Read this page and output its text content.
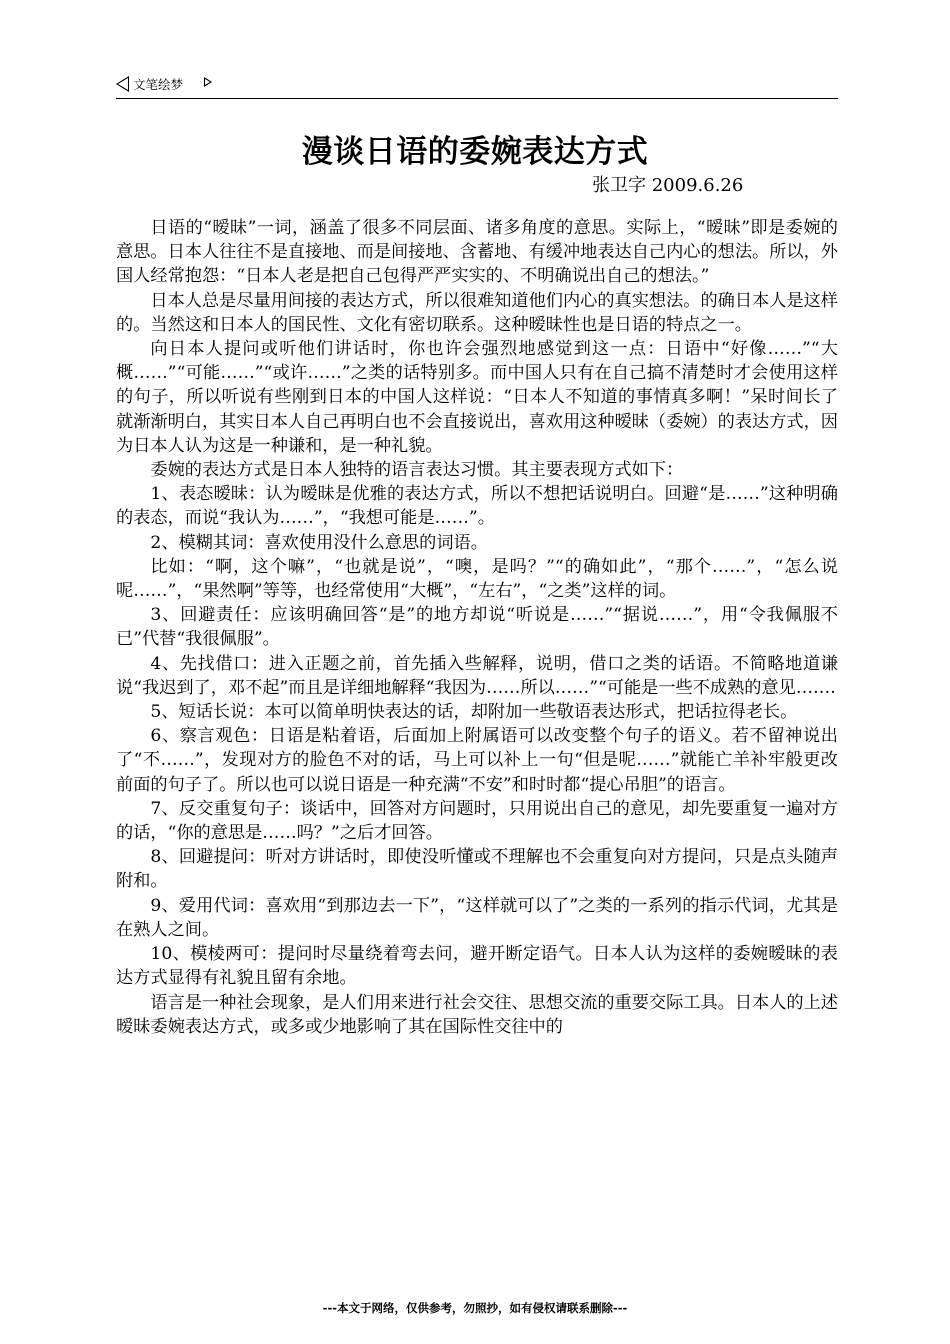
文笔绘梦
漫谈日语的委婉表达方式
张卫字 2009.6.26

日语的“暧昧”一词，涵盖了很多不同层面、诸多角度的意思。实际上，“暧昧”即是委婉的意思。日本人往往不是直接地、而是间接地、含蓄地、有缓冲地表达自己内心的想法。所以，外国人经常抱怨：“日本人老是把自己包得严严实实的、不明确说出自己的想法。”

日本人总是尽量用间接的表达方式，所以很难知道他们内心的真实想法。的确日本人是这样的。当然这和日本人的国民性、文化有密切联系。这种暧昧性也是日语的特点之一。

向日本人提问或听他们讲话时，你也许会强烈地感觉到这一点：日语中“好像……”“大概……”“可能……”“或许……”之类的话特别多。而中国人只有在自己搞不清楚时才会使用这样的句子，所以听说有些刚到日本的中国人这样说：“日本人不知道的事情真多啊！”呆时间长了就渐渐明白，其实日本人自己再明白也不会直接说出，喜欢用这种暧昧（委婉）的表达方式，因为日本人认为这是一种谦和，是一种礼貌。

委婉的表达方式是日本人独特的语言表达习惯。其主要表现方式如下：

1、表态暧昧：认为暧昧是优雅的表达方式，所以不想把话说明白。回避“是……”这种明确的表态，而说“我认为……”，“我想可能是……”。

2、模糊其词：喜欢使用没什么意思的词语。

比如：“啊，这个嘛”，“也就是说”，“噢，是吗？”“的确如此”，“那个……”，“怎么说呢……”，“果然啊”等等，也经常使用“大概”，“左右”，“之类”这样的词。

3、回避责任：应该明确回答“是”的地方却说“听说是……”“据说……”，用“令我佩服不已”代替“我很佩服”。

4、先找借口：进入正题之前，首先插入些解释，说明，借口之类的话语。不简略地道谦说“我迟到了，邓不起”而且是详细地解释“我因为……所以……”“可能是一些不成熟的意见…….

5、短话长说：本可以简单明快表达的话，却附加一些敬语表达形式，把话拉得老长。

6、察言观色：日语是粘着语，后面加上附属语可以改变整个句子的语义。若不留神说出了“不……”，发现对方的脸色不对的话，马上可以补上一句“但是呢……”就能亡羊补牢般更改前面的句子了。所以也可以说日语是一种充满“不安”和时时都“提心吊胆”的语言。

7、反交重复句子：谈话中，回答对方问题时，只用说出自己的意见，却先要重复一遍对方的话，“你的意思是……吗？”之后才回答。

8、回避提问：听对方讲话时，即使没听懂或不理解也不会重复向对方提问，只是点头随声附和。

9、爱用代词：喜欢用“到那边去一下”，“这样就可以了”之类的一系列的指示代词，尤其是在熟人之间。

10、模棱两可：提问时尽量绕着弯去问，避开断定语气。日本人认为这样的委婉暧昧的表达方式显得有礼貌且留有余地。

语言是一种社会现象，是人们用来进行社会交往、思想交流的重要交际工具。日本人的上述暧昧委婉表达方式，或多或少地影响了其在国际性交往中的

---本文于网络，仅供参考，勿照抄，如有侵权请联系删除---
